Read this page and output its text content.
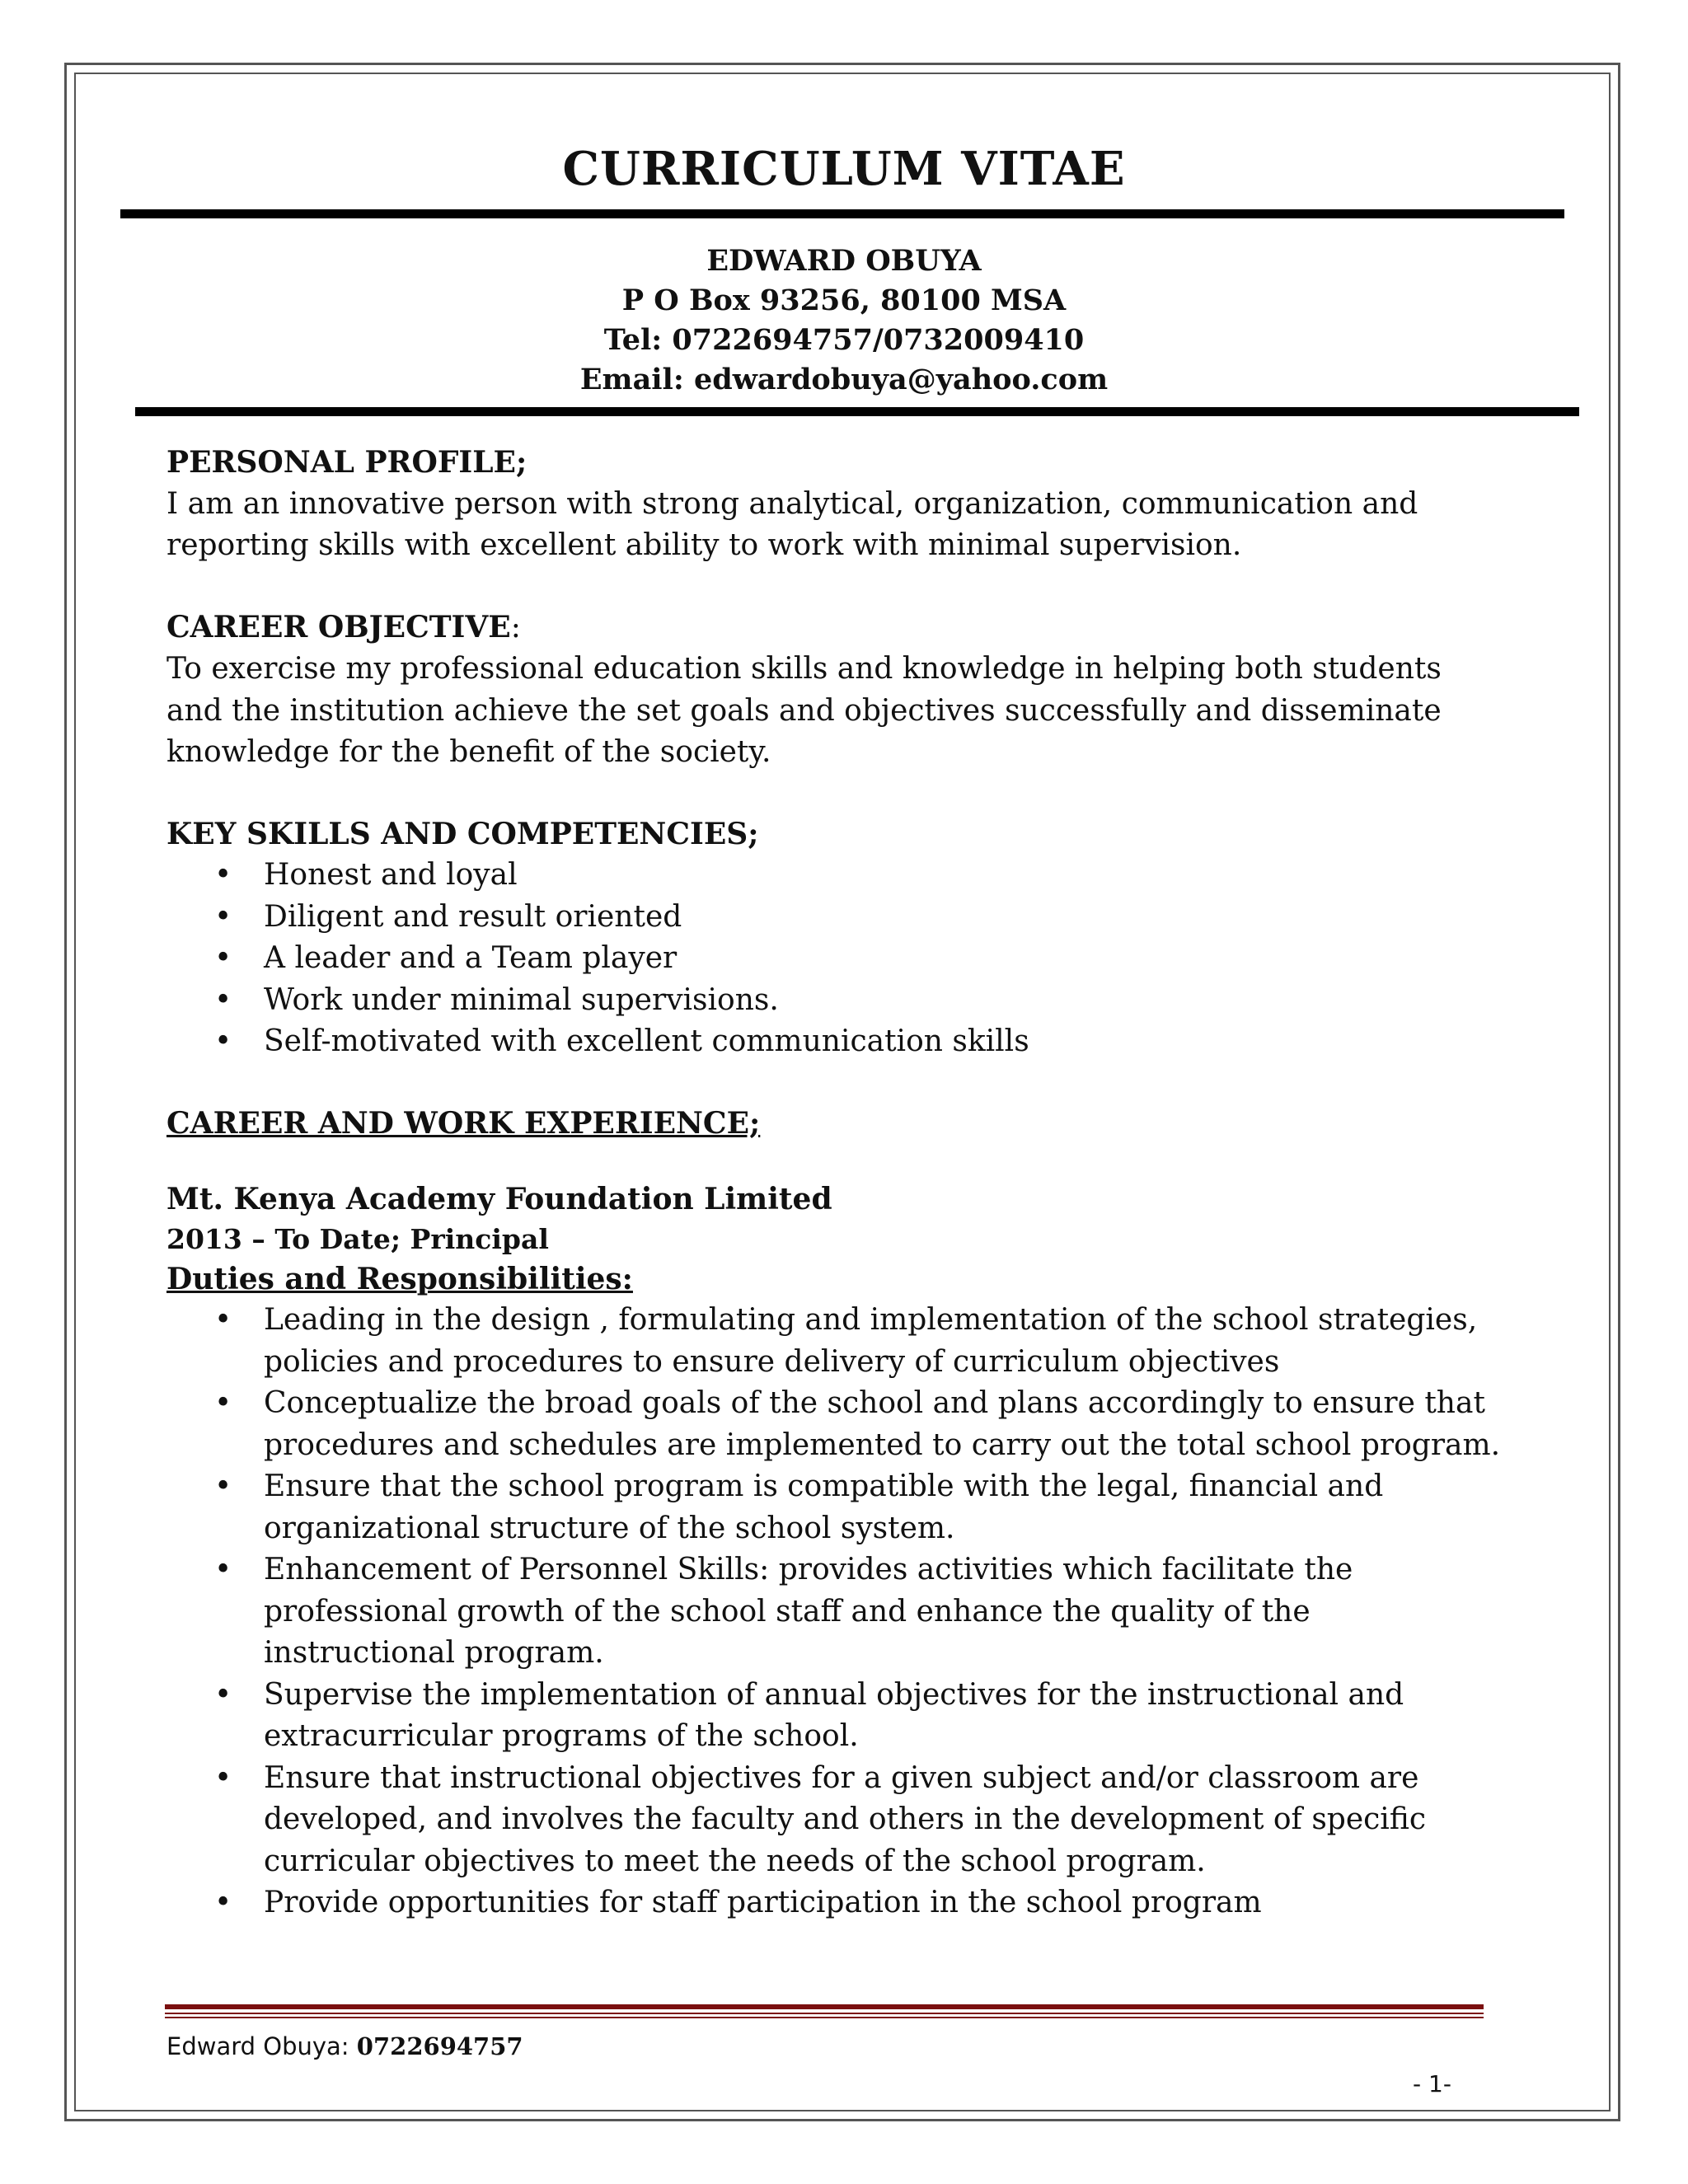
CURRICULUM VITAE
EDWARD OBUYA
P O Box 93256, 80100 MSA
Tel: 0722694757/0732009410
Email: edwardobuya@yahoo.com
PERSONAL PROFILE;

I am an innovative person with strong analytical, organization, communication and reporting skills with excellent ability to work with minimal supervision.

CAREER OBJECTIVE:

To exercise my professional education skills and knowledge in helping both students and the institution achieve the set goals and objectives successfully and disseminate knowledge for the benefit of the society.

KEY SKILLS AND COMPETENCIES;
• Honest and loyal
• Diligent and result oriented
• A leader and a Team player
• Work under minimal supervisions.
• Self-motivated with excellent communication skills
CAREER AND WORK EXPERIENCE;
Mt. Kenya Academy Foundation Limited
2013 – To Date; Principal
Duties and Responsibilities:
• Leading in the design , formulating and implementation of the school strategies, policies and procedures to ensure delivery of curriculum objectives
• Conceptualize the broad goals of the school and plans accordingly to ensure that procedures and schedules are implemented to carry out the total school program.
• Ensure that the school program is compatible with the legal, financial and organizational structure of the school system.
• Enhancement of Personnel Skills: provides activities which facilitate the professional growth of the school staff and enhance the quality of the instructional program.
• Supervise the implementation of annual objectives for the instructional and extracurricular programs of the school.
• Ensure that instructional objectives for a given subject and/or classroom are developed, and involves the faculty and others in the development of specific curricular objectives to meet the needs of the school program.
• Provide opportunities for staff participation in the school program
Edward Obuya: 0722694757
- 1-
